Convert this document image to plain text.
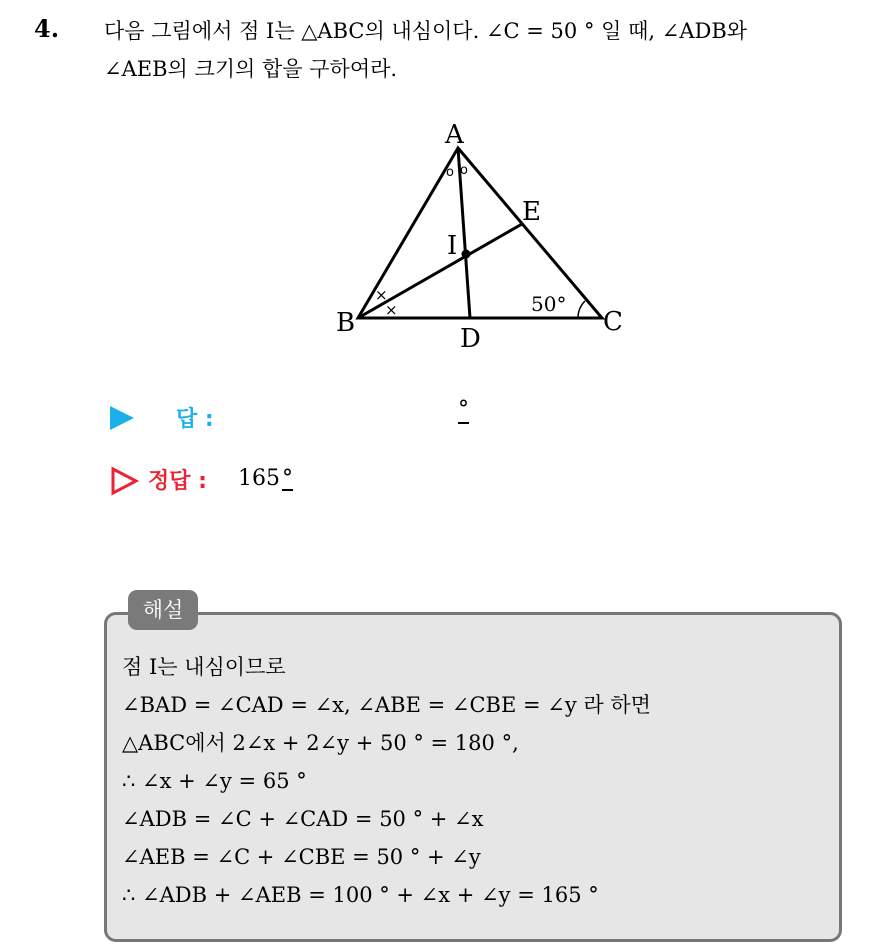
4. 다음 그림에서 점 I는 △ABC의 내심이다. ∠C = 50 ° 일 때, ∠ADB와
∠AEB의 크기의 합을 구하여라.
A
B	C
D
E
I
50°
o o
×
×
답 :	°
정답 : 165°
해설
점 I는 내심이므로
∠BAD = ∠CAD = ∠x, ∠ABE = ∠CBE = ∠y 라 하면
△ABC에서 2∠x + 2∠y + 50 ° = 180 °,
∴ ∠x + ∠y = 65 °
∠ADB = ∠C + ∠CAD = 50 ° + ∠x
∠AEB = ∠C + ∠CBE = 50 ° + ∠y
∴ ∠ADB + ∠AEB = 100 ° + ∠x + ∠y = 165 °
